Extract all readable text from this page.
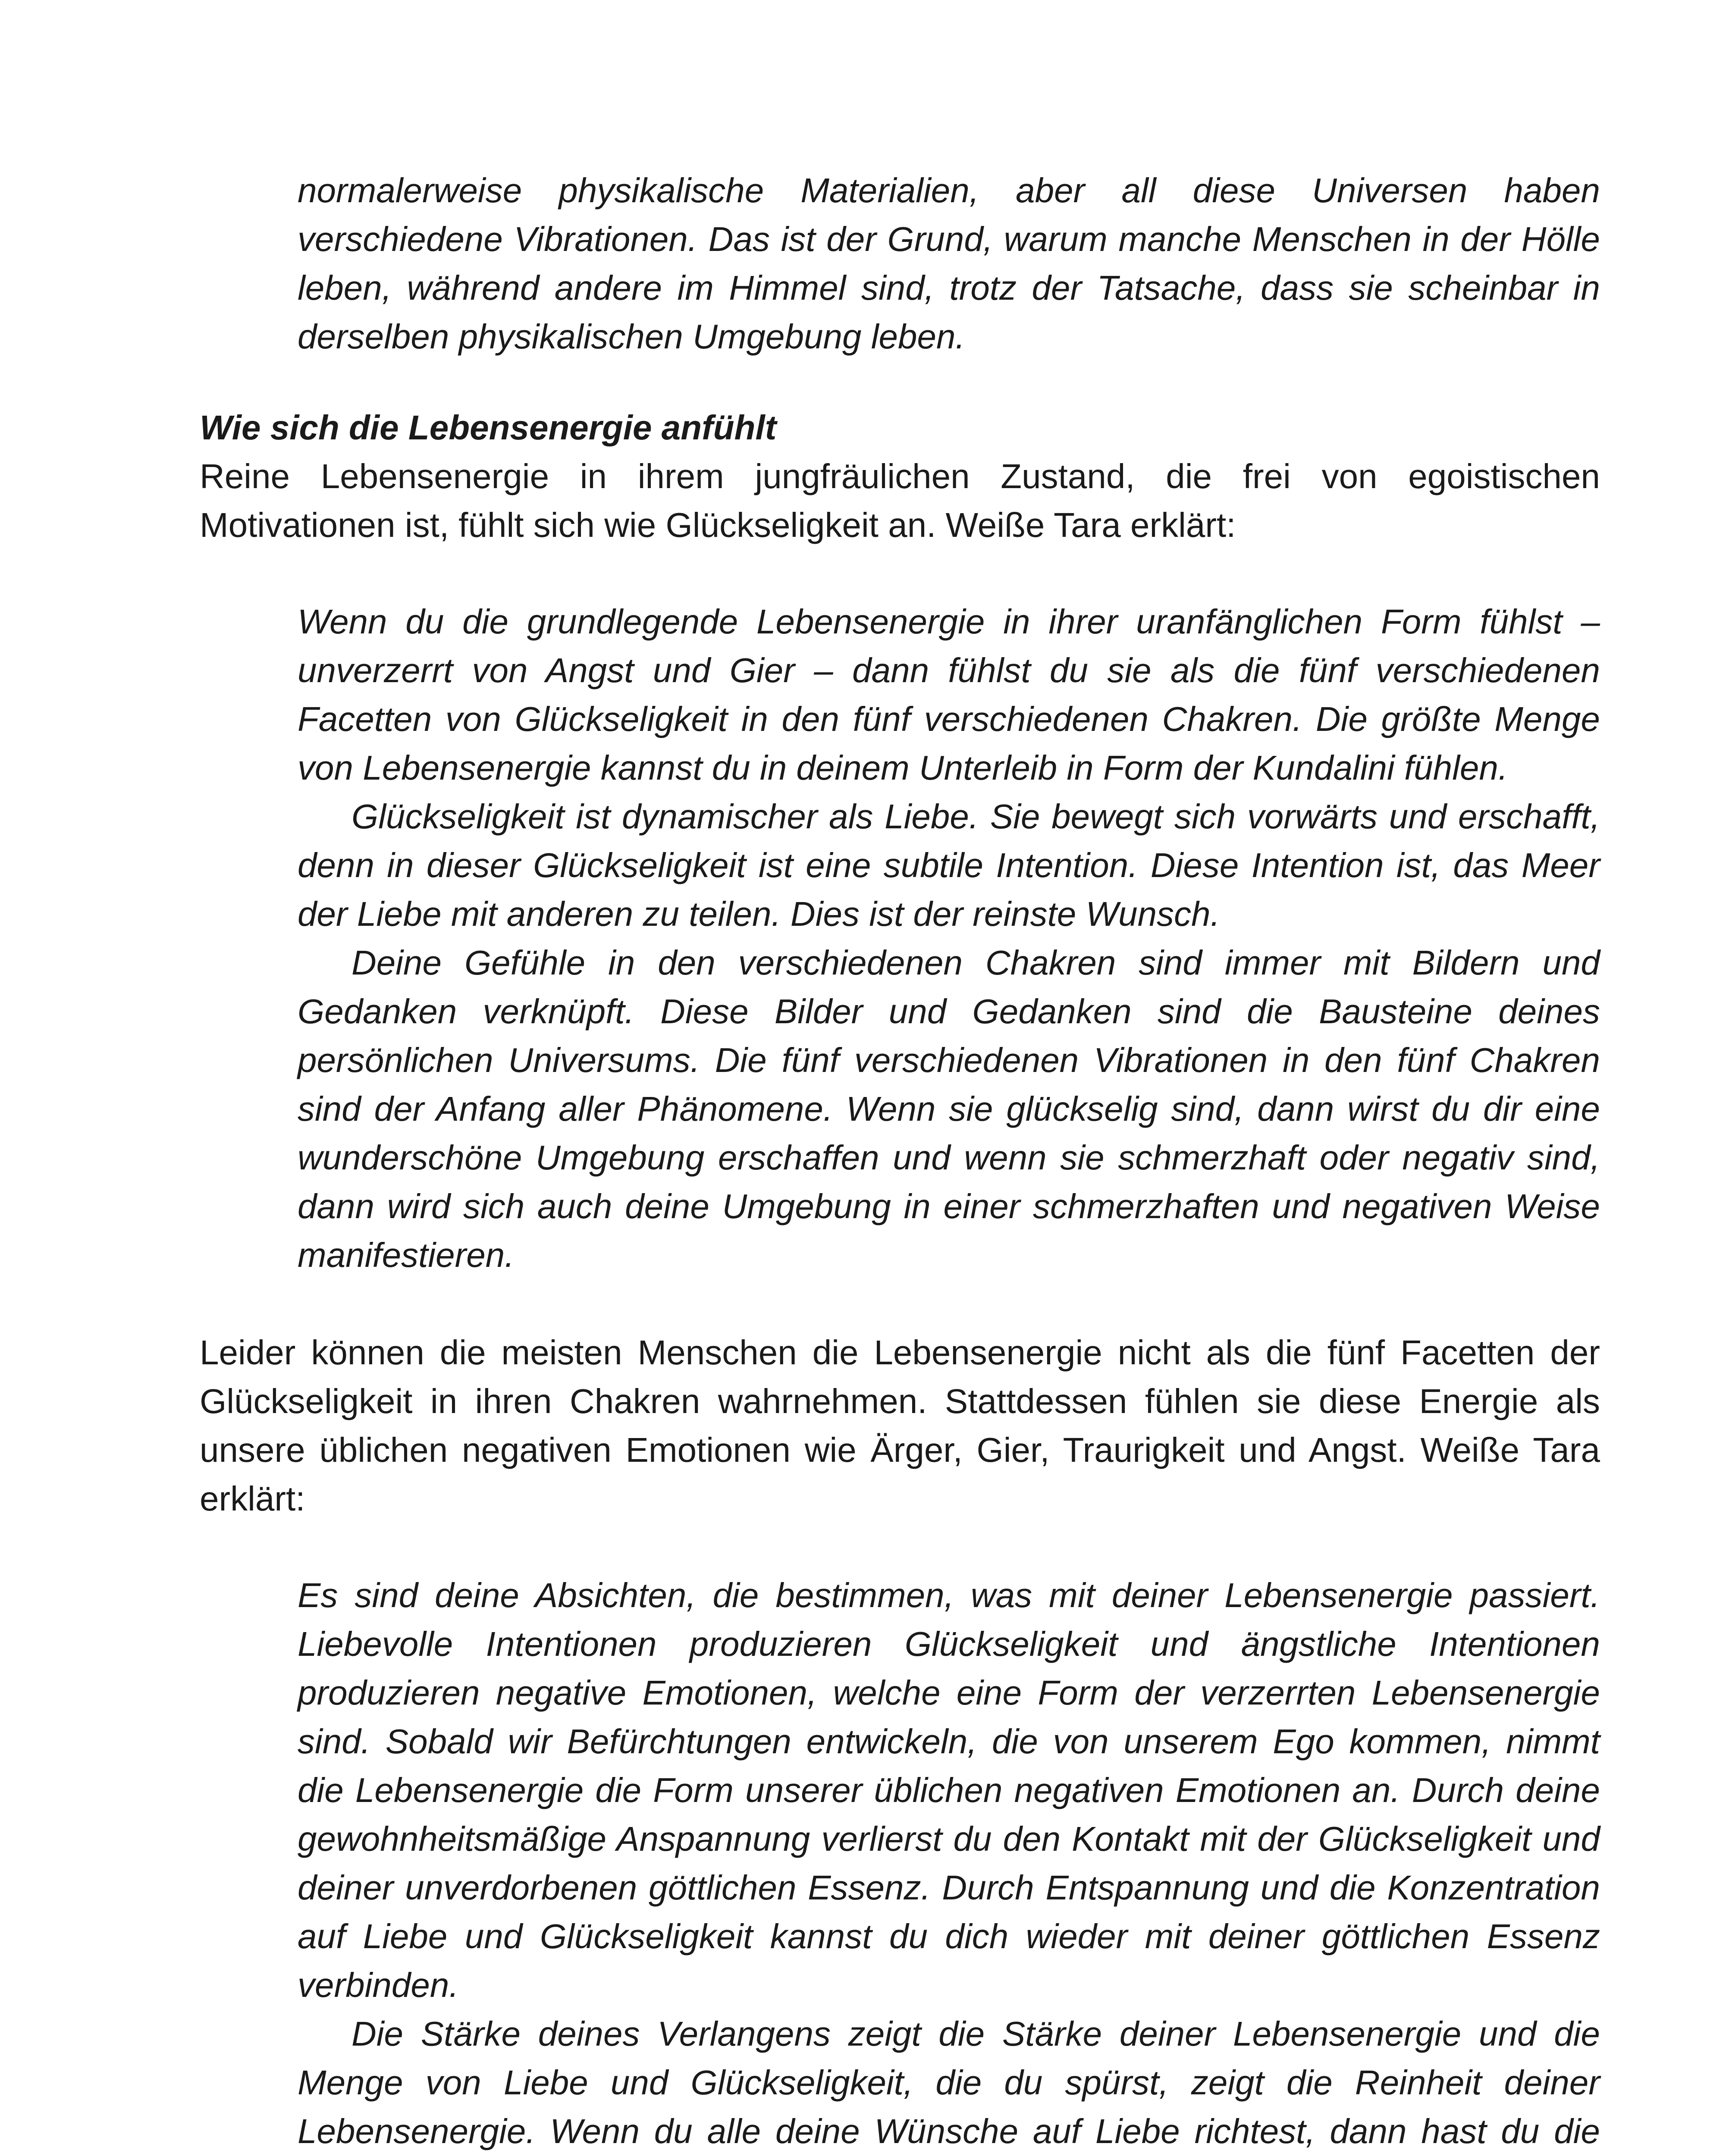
normalerweise physikalische Materialien, aber all diese Universen haben verschiedene Vibrationen. Das ist der Grund, warum manche Menschen in der Hölle leben, während andere im Himmel sind, trotz der Tatsache, dass sie scheinbar in derselben physikalischen Umgebung leben.

Wie sich die Lebensenergie anfühlt

Reine Lebensenergie in ihrem jungfräulichen Zustand, die frei von egoistischen Motivationen ist, fühlt sich wie Glückseligkeit an. Weiße Tara erklärt:

Wenn du die grundlegende Lebensenergie in ihrer uranfänglichen Form fühlst – unverzerrt von Angst und Gier – dann fühlst du sie als die fünf verschiedenen Facetten von Glückseligkeit in den fünf verschiedenen Chakren. Die größte Menge von Lebensenergie kannst du in deinem Unterleib in Form der Kundalini fühlen.

Glückseligkeit ist dynamischer als Liebe. Sie bewegt sich vorwärts und erschafft, denn in dieser Glückseligkeit ist eine subtile Intention. Diese Intention ist, das Meer der Liebe mit anderen zu teilen. Dies ist der reinste Wunsch.

Deine Gefühle in den verschiedenen Chakren sind immer mit Bildern und Gedanken verknüpft. Diese Bilder und Gedanken sind die Bausteine deines persönlichen Universums. Die fünf verschiedenen Vibrationen in den fünf Chakren sind der Anfang aller Phänomene. Wenn sie glückselig sind, dann wirst du dir eine wunderschöne Umgebung erschaffen und wenn sie schmerzhaft oder negativ sind, dann wird sich auch deine Umgebung in einer schmerzhaften und negativen Weise manifestieren.

Leider können die meisten Menschen die Lebensenergie nicht als die fünf Facetten der Glückseligkeit in ihren Chakren wahrnehmen. Stattdessen fühlen sie diese Energie als unsere üblichen negativen Emotionen wie Ärger, Gier, Traurigkeit und Angst. Weiße Tara erklärt:

Es sind deine Absichten, die bestimmen, was mit deiner Lebensenergie passiert. Liebevolle Intentionen produzieren Glückseligkeit und ängstliche Intentionen produzieren negative Emotionen, welche eine Form der verzerrten Lebensenergie sind. Sobald wir Befürchtungen entwickeln, die von unserem Ego kommen, nimmt die Lebensenergie die Form unserer üblichen negativen Emotionen an. Durch deine gewohnheitsmäßige Anspannung verlierst du den Kontakt mit der Glückseligkeit und deiner unverdorbenen göttlichen Essenz. Durch Entspannung und die Konzentration auf Liebe und Glückseligkeit kannst du dich wieder mit deiner göttlichen Essenz verbinden.

Die Stärke deines Verlangens zeigt die Stärke deiner Lebensenergie und die Menge von Liebe und Glückseligkeit, die du spürst, zeigt die Reinheit deiner Lebensenergie. Wenn du alle deine Wünsche auf Liebe richtest, dann hast du die
